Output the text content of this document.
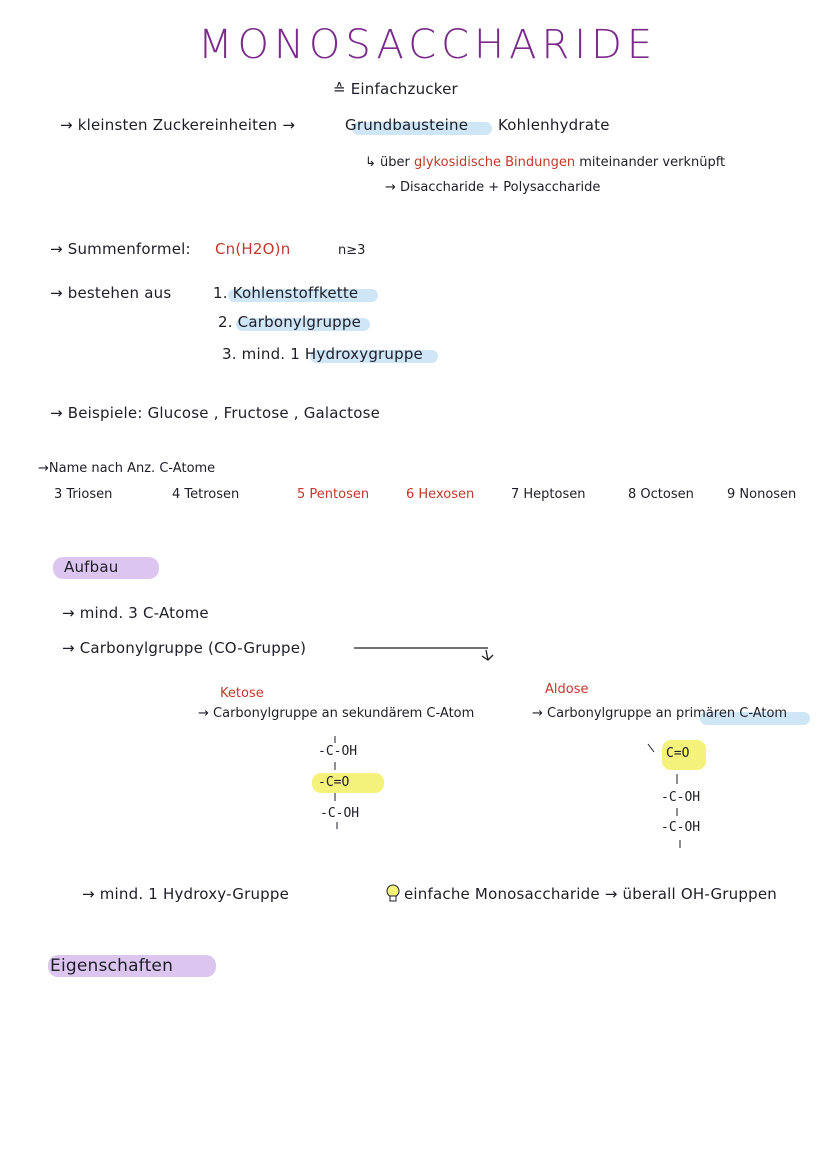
MONOSACCHARIDE
≙ Einfachzucker
→ kleinsten Zuckereinheiten →	Grundbausteine Kohlenhydrate
↳ über glykosidische Bindungen miteinander verknüpft
→ Disaccharide + Polysaccharide
→ Summenformel: Cn(H2O)n	n≥3
→ bestehen aus	1. Kohlenstoffkette
2. Carbonylgruppe
3. mind. 1 Hydroxygruppe
→ Beispiele: Glucose , Fructose , Galactose
→Name nach Anz. C-Atome
3 Triosen	4 Tetrosen	5 Pentosen	6 Hexosen	7 Heptosen	8 Octosen	9 Nonosen
Aufbau
→ mind. 3 C-Atome
→ Carbonylgruppe (CO-Gruppe)
Ketose
→ Carbonylgruppe an sekundärem C-Atom
-C-OH
-C=O
-C-OH
Aldose
→ Carbonylgruppe an primären C-Atom
C=O
-C-OH
-C-OH
→ mind. 1 Hydroxy-Gruppe	einfache Monosaccharide → überall OH-Gruppen
Eigenschaften
